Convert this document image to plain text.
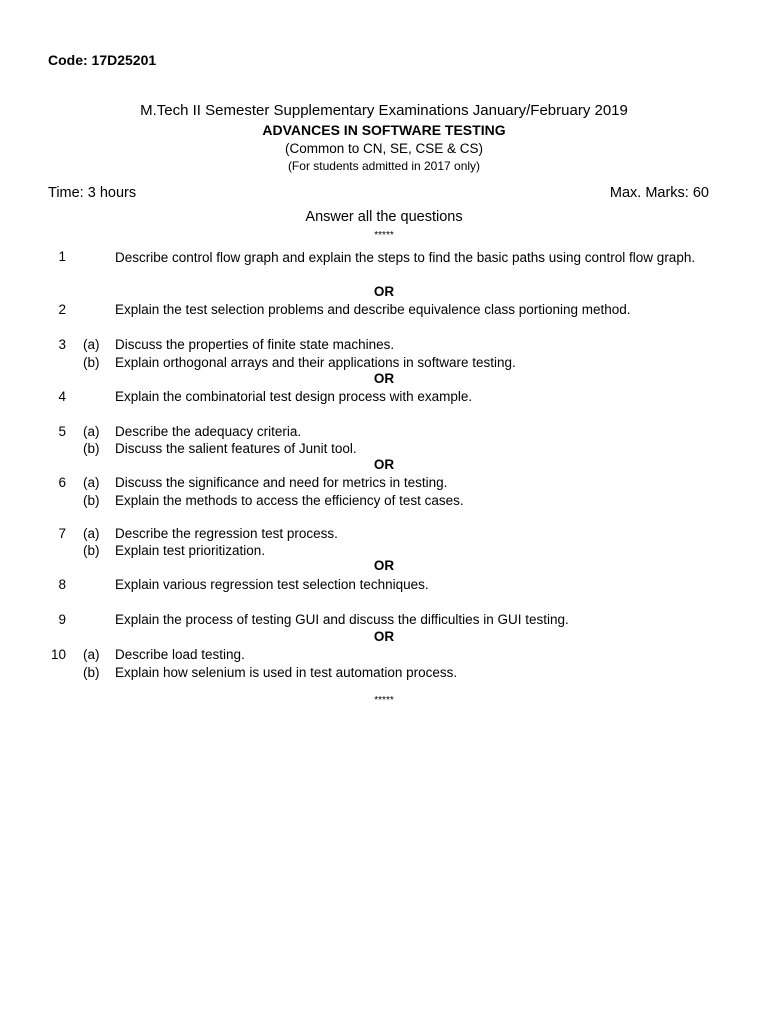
Code: 17D25201
M.Tech II Semester Supplementary Examinations January/February 2019
ADVANCES IN SOFTWARE TESTING
(Common to CN, SE, CSE & CS)
(For students admitted in 2017 only)
Time: 3 hours	Max. Marks: 60
Answer all the questions
*****
1	Describe control flow graph and explain the steps to find the basic paths using control flow graph.
OR
2	Explain the test selection problems and describe equivalence class portioning method.
3 (a) Discuss the properties of finite state machines.
(b) Explain orthogonal arrays and their applications in software testing.
OR
4	Explain the combinatorial test design process with example.
5 (a) Describe the adequacy criteria.
(b) Discuss the salient features of Junit tool.
OR
6 (a) Discuss the significance and need for metrics in testing.
(b) Explain the methods to access the efficiency of test cases.
7 (a) Describe the regression test process.
(b) Explain test prioritization.
OR
8	Explain various regression test selection techniques.
9	Explain the process of testing GUI and discuss the difficulties in GUI testing.
OR
10 (a) Describe load testing.
(b) Explain how selenium is used in test automation process.
*****
